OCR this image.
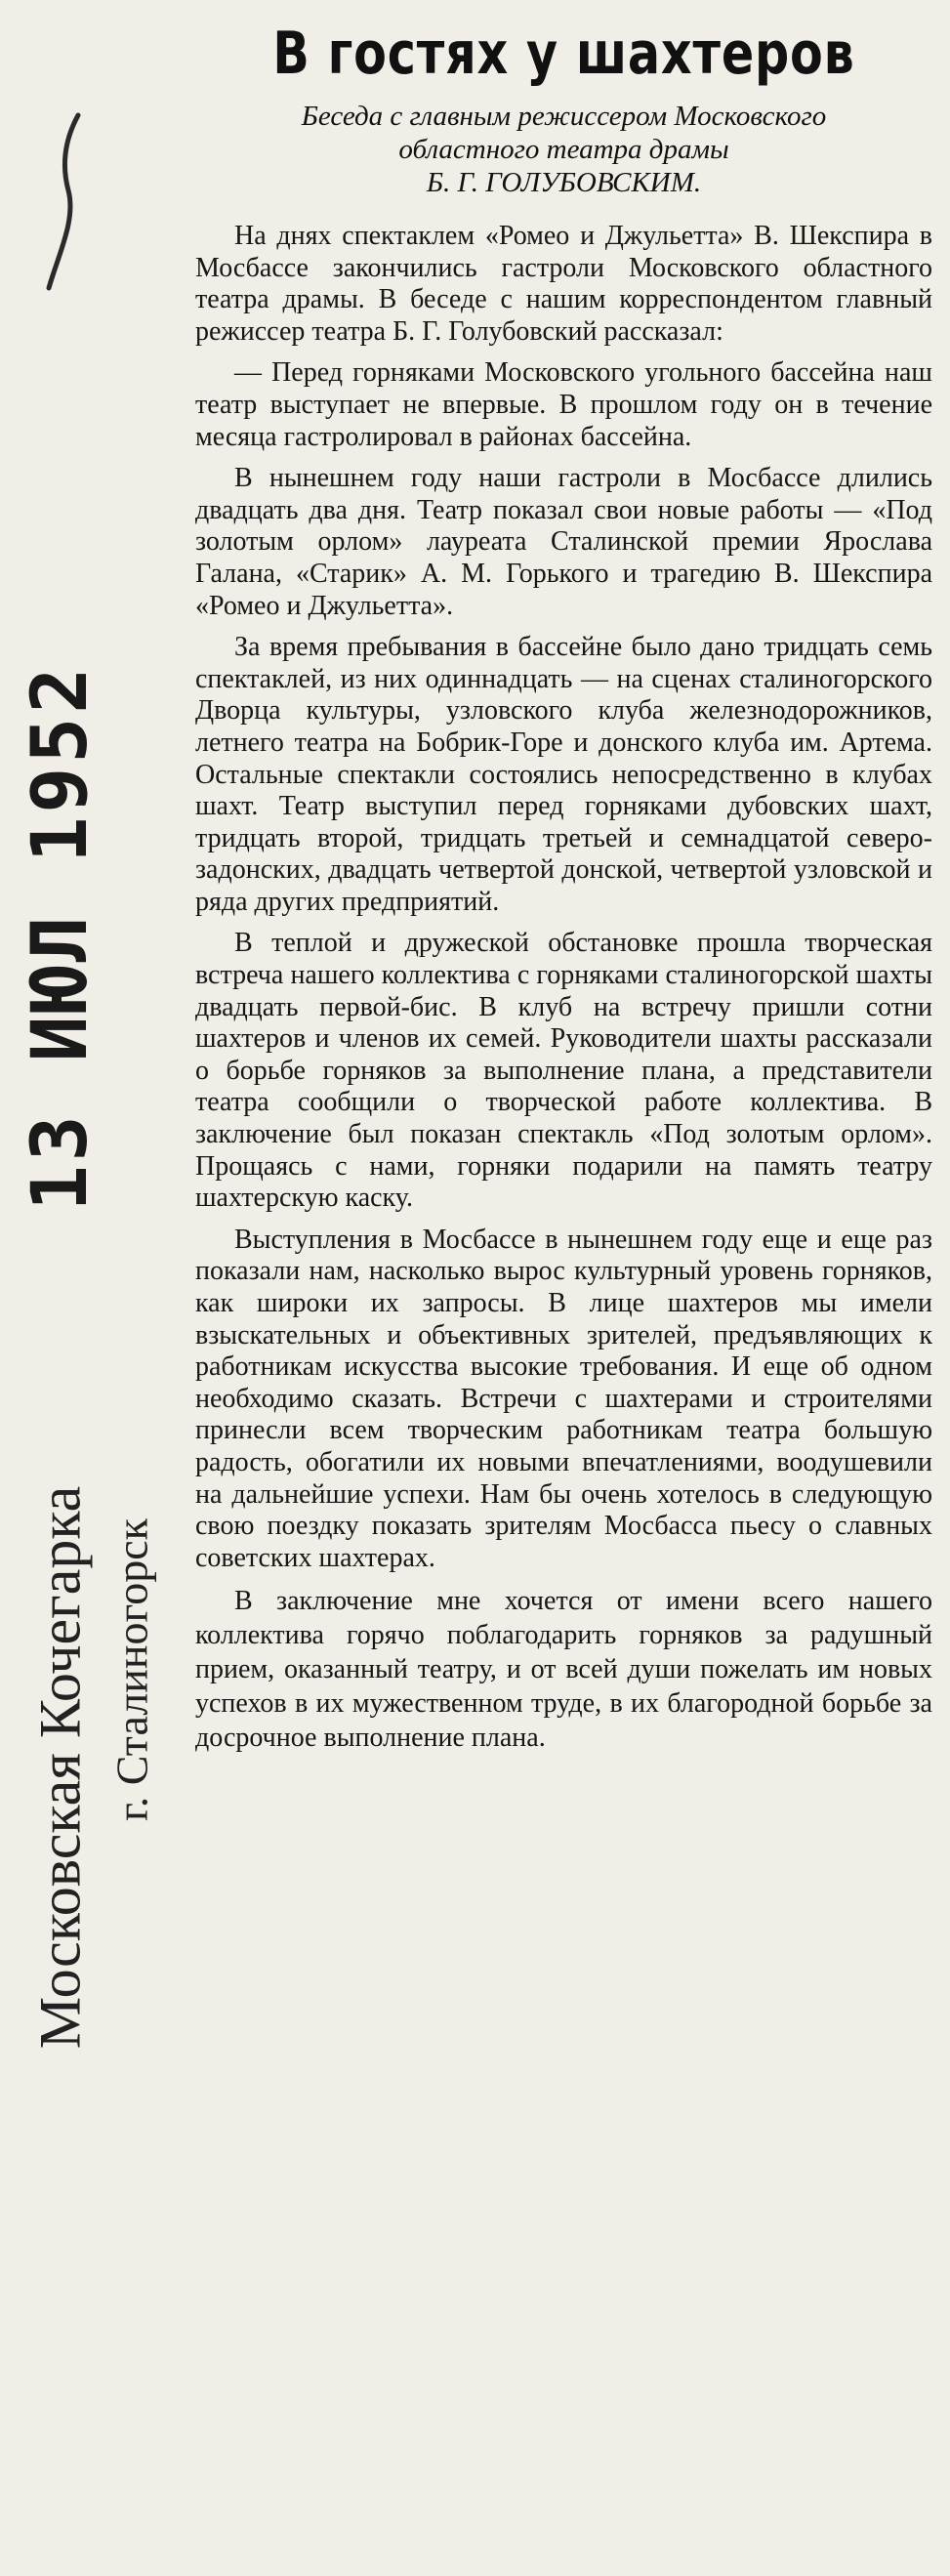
13 ИЮЛ 1952
Московская Кочегарка г. Сталиногорск
В гостях у шахтеров
Беседа с главным режиссером Московского
областного театра драмы
Б. Г. ГОЛУБОВСКИМ.

На днях спектаклем «Ромео и Джульетта» В. Шекспира в Мосбассе закончились гастроли Московского областного театра драмы. В беседе с нашим корреспондентом главный режиссер театра Б. Г. Голубовский рассказал:

— Перед горняками Московского угольного бассейна наш театр выступает не впервые. В прошлом году он в течение месяца гастролировал в районах бассейна.

В нынешнем году наши гастроли в Мосбассе длились двадцать два дня. Театр показал свои новые работы — «Под золотым орлом» лауреата Сталинской премии Ярослава Галана, «Старик» А. М. Горького и трагедию В. Шекспира «Ромео и Джульетта».

За время пребывания в бассейне было дано тридцать семь спектаклей, из них одиннадцать — на сценах сталиногорского Дворца культуры, узловского клуба железнодорожников, летнего театра на Бобрик-Горе и донского клуба им. Артема. Остальные спектакли состоялись непосредственно в клубах шахт. Театр выступил перед горняками дубовских шахт, тридцать второй, тридцать третьей и семнадцатой северо-задонских, двадцать четвертой донской, четвертой узловской и ряда других предприятий.

В теплой и дружеской обстановке прошла творческая встреча нашего коллектива с горняками сталиногорской шахты двадцать первой-бис. В клуб на встречу пришли сотни шахтеров и членов их семей. Руководители шахты рассказали о борьбе горняков за выполнение плана, а представители театра сообщили о творческой работе коллектива. В заключение был показан спектакль «Под золотым орлом». Прощаясь с нами, горняки подарили на память театру шахтерскую каску.

Выступления в Мосбассе в нынешнем году еще и еще раз показали нам, насколько вырос культурный уровень горняков, как широки их запросы. В лице шахтеров мы имели взыскательных и объективных зрителей, предъявляющих к работникам искусства высокие требования. И еще об одном необходимо сказать. Встречи с шахтерами и строителями принесли всем творческим работникам театра большую радость, обогатили их новыми впечатлениями, воодушевили на дальнейшие успехи. Нам бы очень хотелось в следующую свою поездку показать зрителям Мосбасса пьесу о славных советских шахтерах.

В заключение мне хочется от имени всего нашего коллектива горячо поблагодарить горняков за радушный прием, оказанный театру, и от всей души пожелать им новых успехов в их мужественном труде, в их благородной борьбе за досрочное выполнение плана.
